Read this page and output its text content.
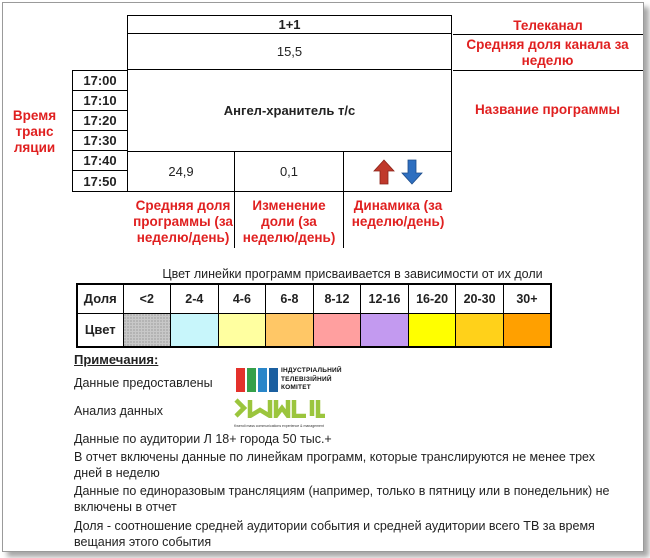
1+1
15,5
17:00
17:10
17:20
17:30
17:40
17:50
Ангел-хранитель т/с
24,9	0,1
Телеканал
Средняя доля канала за
неделю
Название программы
Время
транс
ляции
Средняя доля
программы (за
неделю/день)
Изменение
доли (за
неделю/день)
Динамика (за
неделю/день)
Цвет линейки программ присваивается в зависимости от их доли
Доля	<2	2-4	4-6	6-8	8-12	12-16	16-20	20-30	30+
Цвет									
Примечания:
Данные предоставлены
ІНДУСТРІАЛЬНИЙ
ТЕЛЕВІЗІЙНИЙ
КОМІТЕТ
Анализ данных
Kwendi mass communications experience & management
Данные по аудитории Л 18+ города 50 тыс.+
В отчет включены данные по линейкам программ, которые транслируются не менее трех
дней в неделю
Данные по единоразовым трансляциям (например, только в пятницу или в понедельник) не
включены в отчет
Доля - соотношение средней аудитории события и средней аудитории всего ТВ за время
вещания этого события
